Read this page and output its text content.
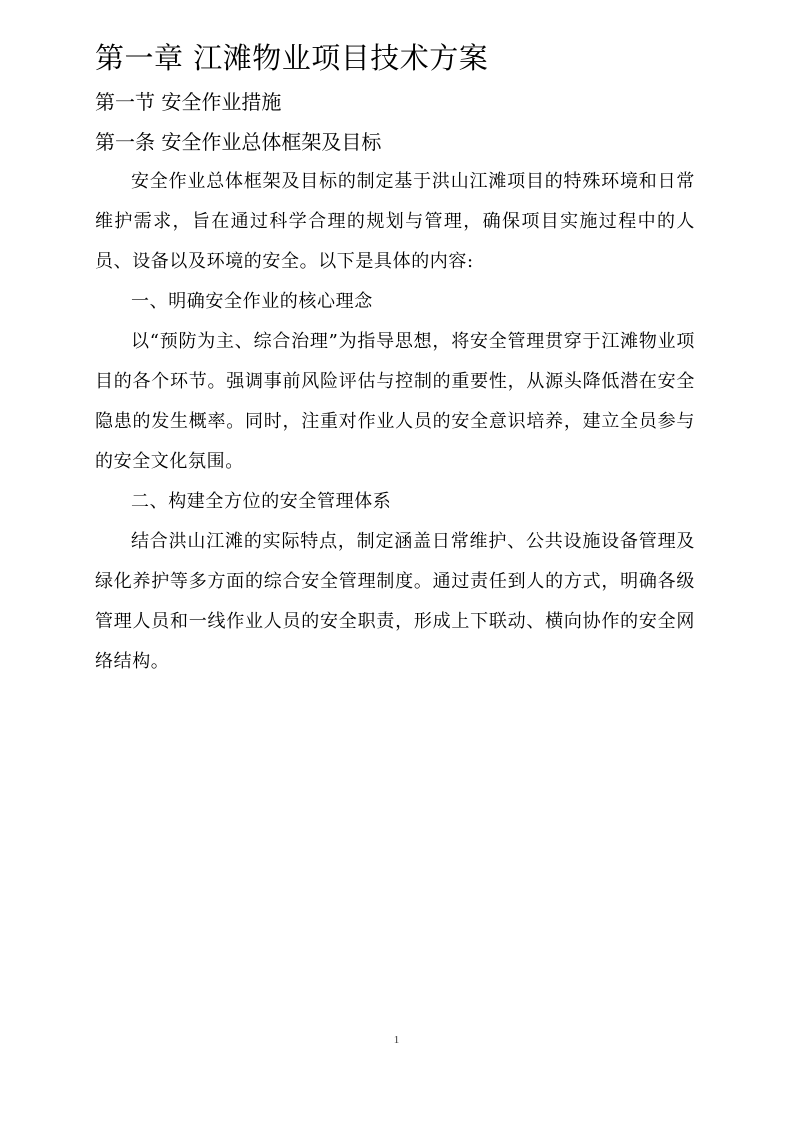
第一章 江滩物业项目技术方案
第一节 安全作业措施
第一条 安全作业总体框架及目标

安全作业总体框架及目标的制定基于洪山江滩项目的特殊环境和日常维护需求，旨在通过科学合理的规划与管理，确保项目实施过程中的人员、设备以及环境的安全。以下是具体的内容:

一、明确安全作业的核心理念

以“预防为主、综合治理”为指导思想，将安全管理贯穿于江滩物业项目的各个环节。强调事前风险评估与控制的重要性，从源头降低潜在安全隐患的发生概率。同时，注重对作业人员的安全意识培养，建立全员参与的安全文化氛围。

二、构建全方位的安全管理体系

结合洪山江滩的实际特点，制定涵盖日常维护、公共设施设备管理及绿化养护等多方面的综合安全管理制度。通过责任到人的方式，明确各级管理人员和一线作业人员的安全职责，形成上下联动、横向协作的安全网络结构。

1
